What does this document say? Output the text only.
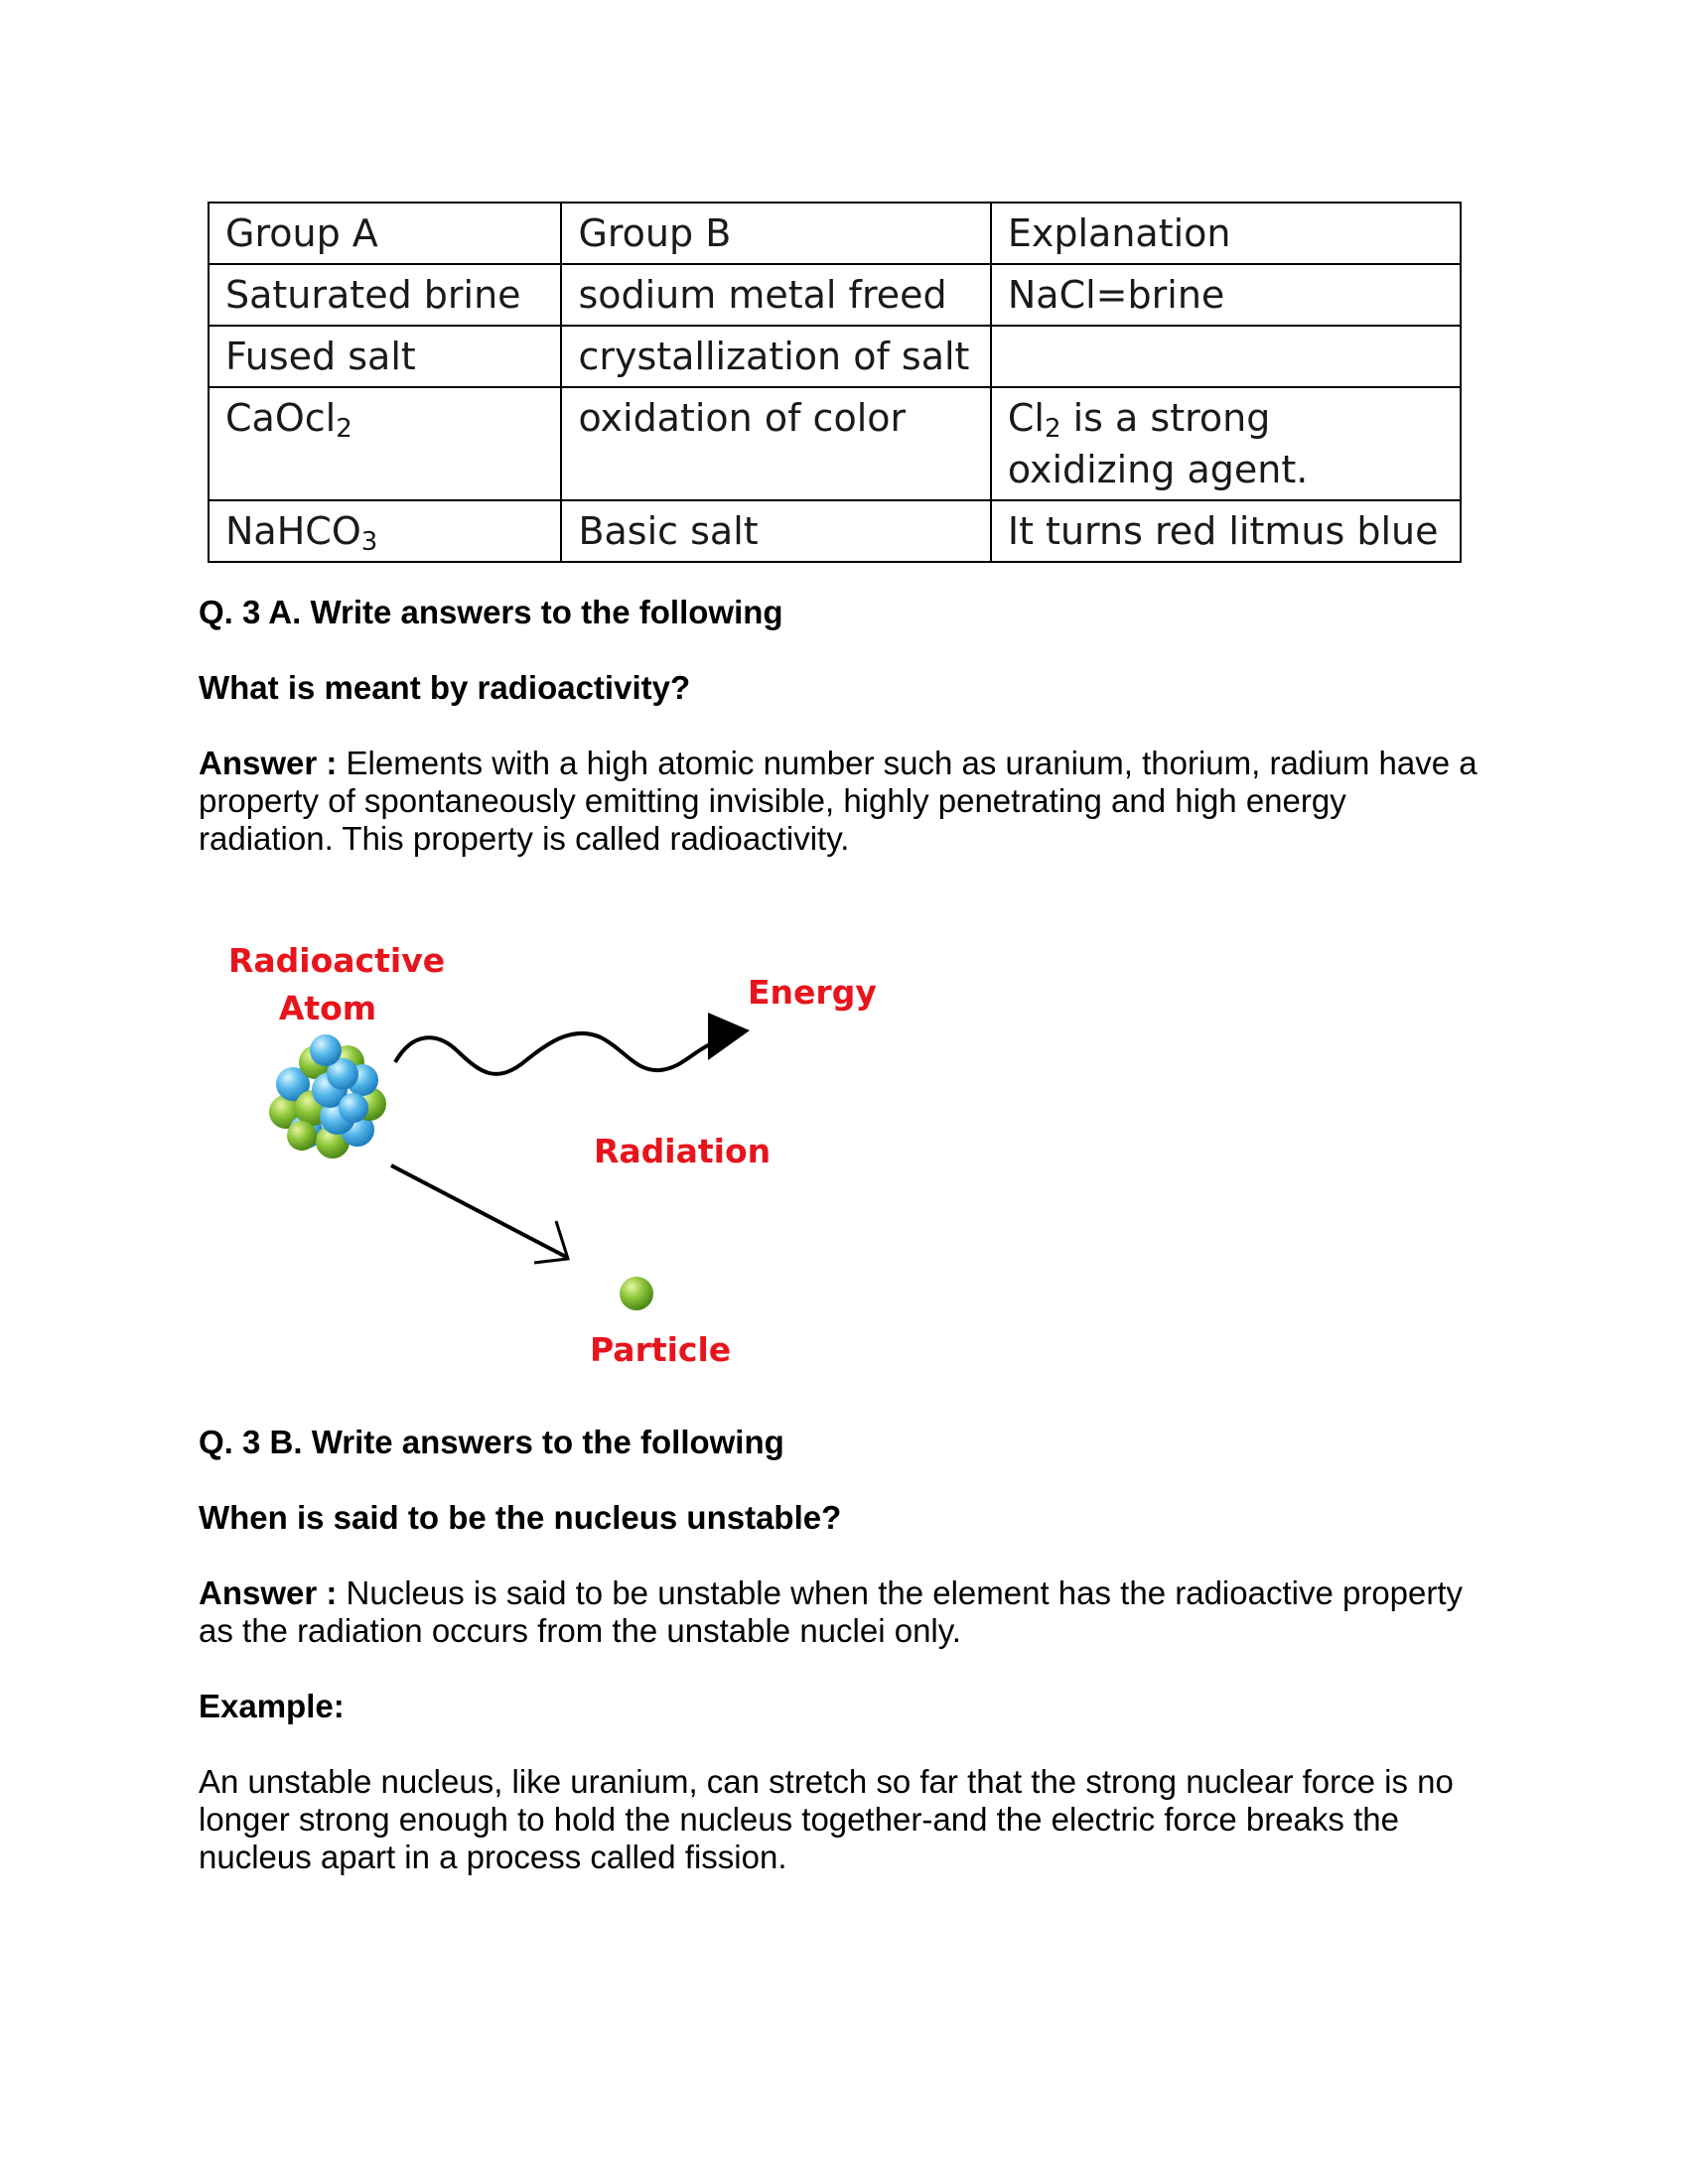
Group A	Group B	Explanation
Saturated brine	sodium metal freed	NaCl=brine
Fused salt	crystallization of salt	
CaOcl$_2$	oxidation of color	$Cl_2$ is a strong
oxidizing agent.

NaHCO$_3$	Basic salt	It turns red litmus blue

Q. 3 A. Write answers to the following

What is meant by radioactivity?

Answer : Elements with a high atomic number such as uranium, thorium, radium have a property of spontaneously emitting invisible, highly penetrating and high energy radiation. This property is called radioactivity.

Radioactive
Atom	Energy
Radiation
Particle

Q. 3 B. Write answers to the following

When is said to be the nucleus unstable?

Answer : Nucleus is said to be unstable when the element has the radioactive property as the radiation occurs from the unstable nuclei only.

Example:

An unstable nucleus, like uranium, can stretch so far that the strong nuclear force is no longer strong enough to hold the nucleus together-and the electric force breaks the nucleus apart in a process called fission.
